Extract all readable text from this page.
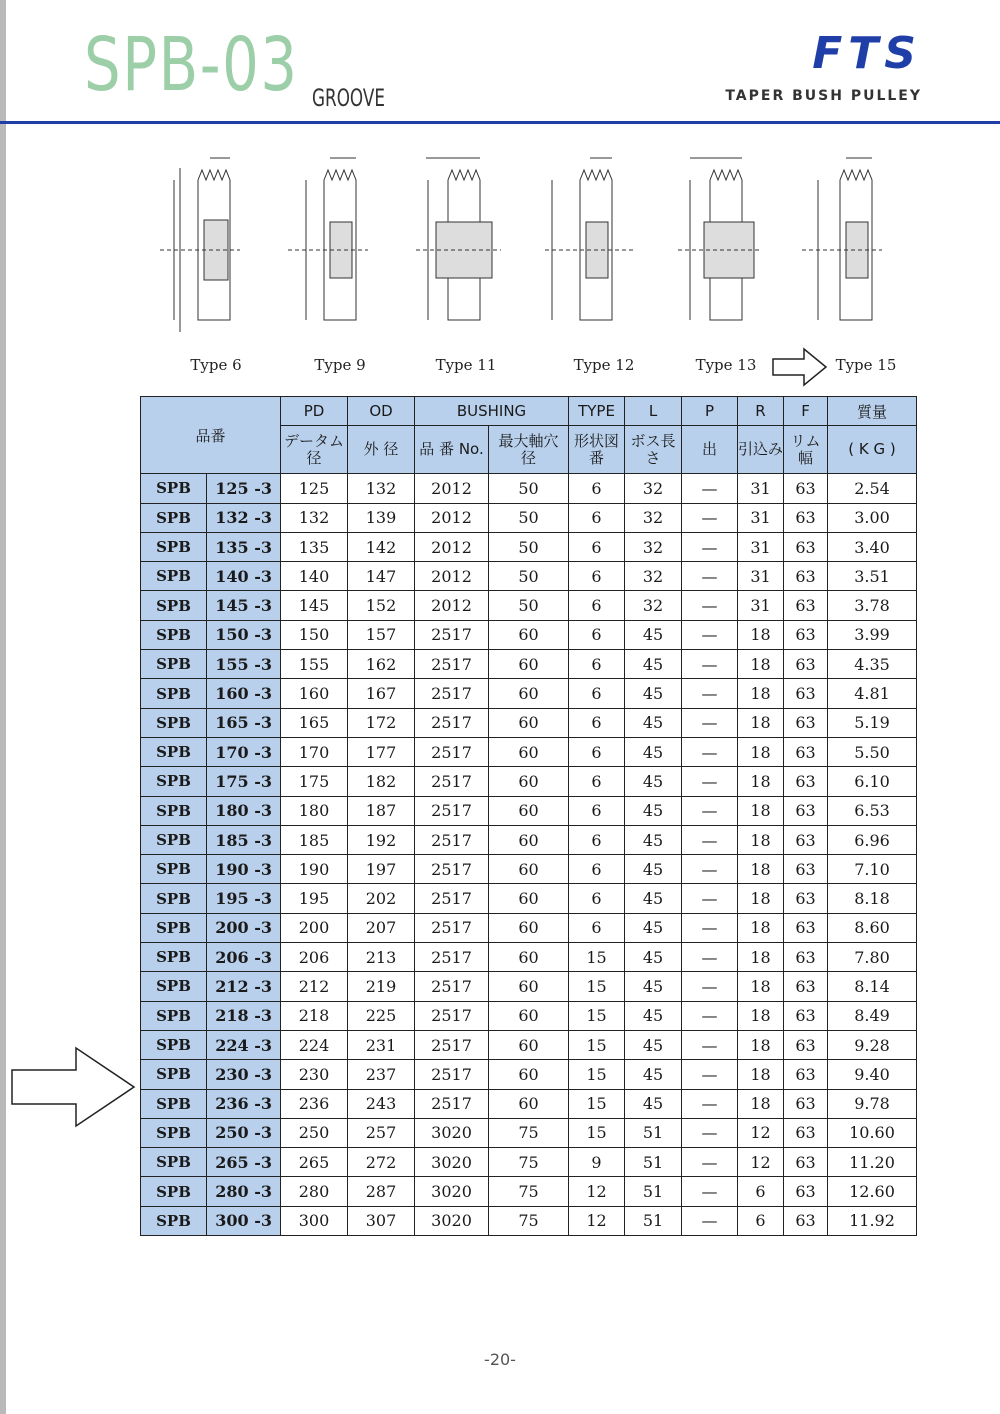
SPB-03 GROOVE
FTS
TAPER BUSH PULLEY
Type 6	Type 9	Type 11	Type 12	Type 13	Type 15
品番		PD	OD	BUSHING		TYPE	L	P	R	F	質量
		データム 径	外 径	品 番 No.	最大軸穴 径	形状図番	ボス長さ	出	引込み	リム幅	( K G )
SPB	125 -3	125	132	2012	50	6	32	—	31	63	2.54
SPB	132 -3	132	139	2012	50	6	32	—	31	63	3.00
SPB	135 -3	135	142	2012	50	6	32	—	31	63	3.40
SPB	140 -3	140	147	2012	50	6	32	—	31	63	3.51
SPB	145 -3	145	152	2012	50	6	32	—	31	63	3.78
SPB	150 -3	150	157	2517	60	6	45	—	18	63	3.99
SPB	155 -3	155	162	2517	60	6	45	—	18	63	4.35
SPB	160 -3	160	167	2517	60	6	45	—	18	63	4.81
SPB	165 -3	165	172	2517	60	6	45	—	18	63	5.19
SPB	170 -3	170	177	2517	60	6	45	—	18	63	5.50
SPB	175 -3	175	182	2517	60	6	45	—	18	63	6.10
SPB	180 -3	180	187	2517	60	6	45	—	18	63	6.53
SPB	185 -3	185	192	2517	60	6	45	—	18	63	6.96
SPB	190 -3	190	197	2517	60	6	45	—	18	63	7.10
SPB	195 -3	195	202	2517	60	6	45	—	18	63	8.18
SPB	200 -3	200	207	2517	60	6	45	—	18	63	8.60
SPB	206 -3	206	213	2517	60	15	45	—	18	63	7.80
SPB	212 -3	212	219	2517	60	15	45	—	18	63	8.14
SPB	218 -3	218	225	2517	60	15	45	—	18	63	8.49
SPB	224 -3	224	231	2517	60	15	45	—	18	63	9.28
SPB	230 -3	230	237	2517	60	15	45	—	18	63	9.40
SPB	236 -3	236	243	2517	60	15	45	—	18	63	9.78
SPB	250 -3	250	257	3020	75	15	51	—	12	63	10.60
SPB	265 -3	265	272	3020	75	9	51	—	12	63	11.20
SPB	280 -3	280	287	3020	75	12	51	—	6	63	12.60
SPB	300 -3	300	307	3020	75	12	51	—	6	63	11.92
-20-
